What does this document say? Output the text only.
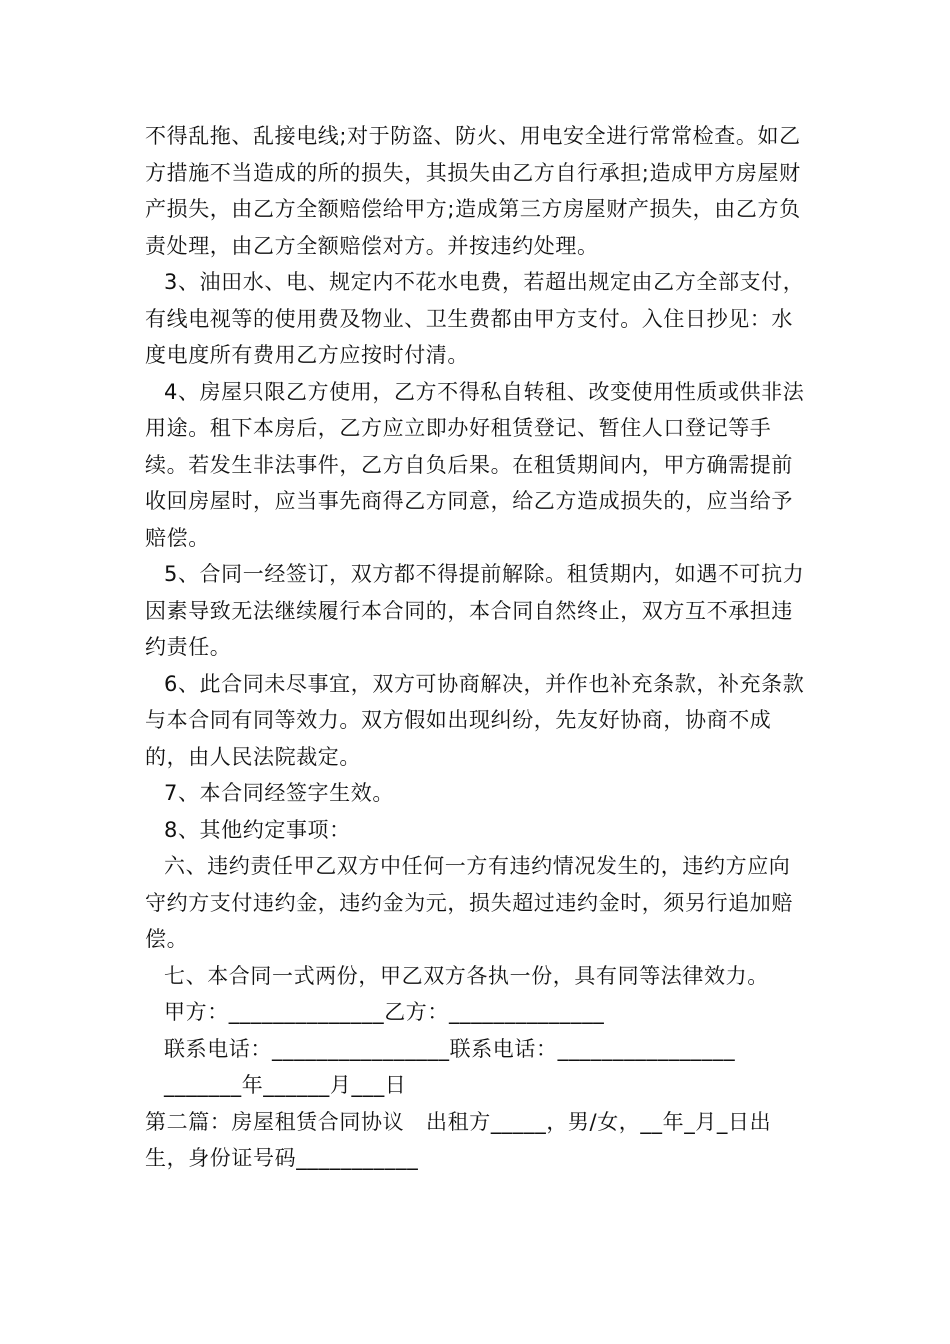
不得乱拖、乱接电线;对于防盗、防火、用电安全进行常常检查。如乙方措施不当造成的所的损失，其损失由乙方自行承担;造成甲方房屋财产损失，由乙方全额赔偿给甲方;造成第三方房屋财产损失，由乙方负责处理，由乙方全额赔偿对方。并按违约处理。

3、油田水、电、规定内不花水电费，若超出规定由乙方全部支付，有线电视等的使用费及物业、卫生费都由甲方支付。入住日抄见：水度电度所有费用乙方应按时付清。

4、房屋只限乙方使用，乙方不得私自转租、改变使用性质或供非法用途。租下本房后，乙方应立即办好租赁登记、暂住人口登记等手续。若发生非法事件，乙方自负后果。在租赁期间内，甲方确需提前收回房屋时，应当事先商得乙方同意，给乙方造成损失的，应当给予赔偿。

5、合同一经签订，双方都不得提前解除。租赁期内，如遇不可抗力因素导致无法继续履行本合同的，本合同自然终止，双方互不承担违约责任。

6、此合同未尽事宜，双方可协商解决，并作也补充条款，补充条款与本合同有同等效力。双方假如出现纠纷，先友好协商，协商不成的，由人民法院裁定。

7、本合同经签字生效。

8、其他约定事项：

六、违约责任甲乙双方中任何一方有违约情况发生的，违约方应向守约方支付违约金，违约金为元，损失超过违约金时，须另行追加赔偿。

七、本合同一式两份，甲乙双方各执一份，具有同等法律效力。

甲方：______________乙方：______________

联系电话：________________联系电话：________________

_______年______月___日

第二篇：房屋租赁合同协议   出租方_____，男/女，__年_月_日出生，身份证号码___________
